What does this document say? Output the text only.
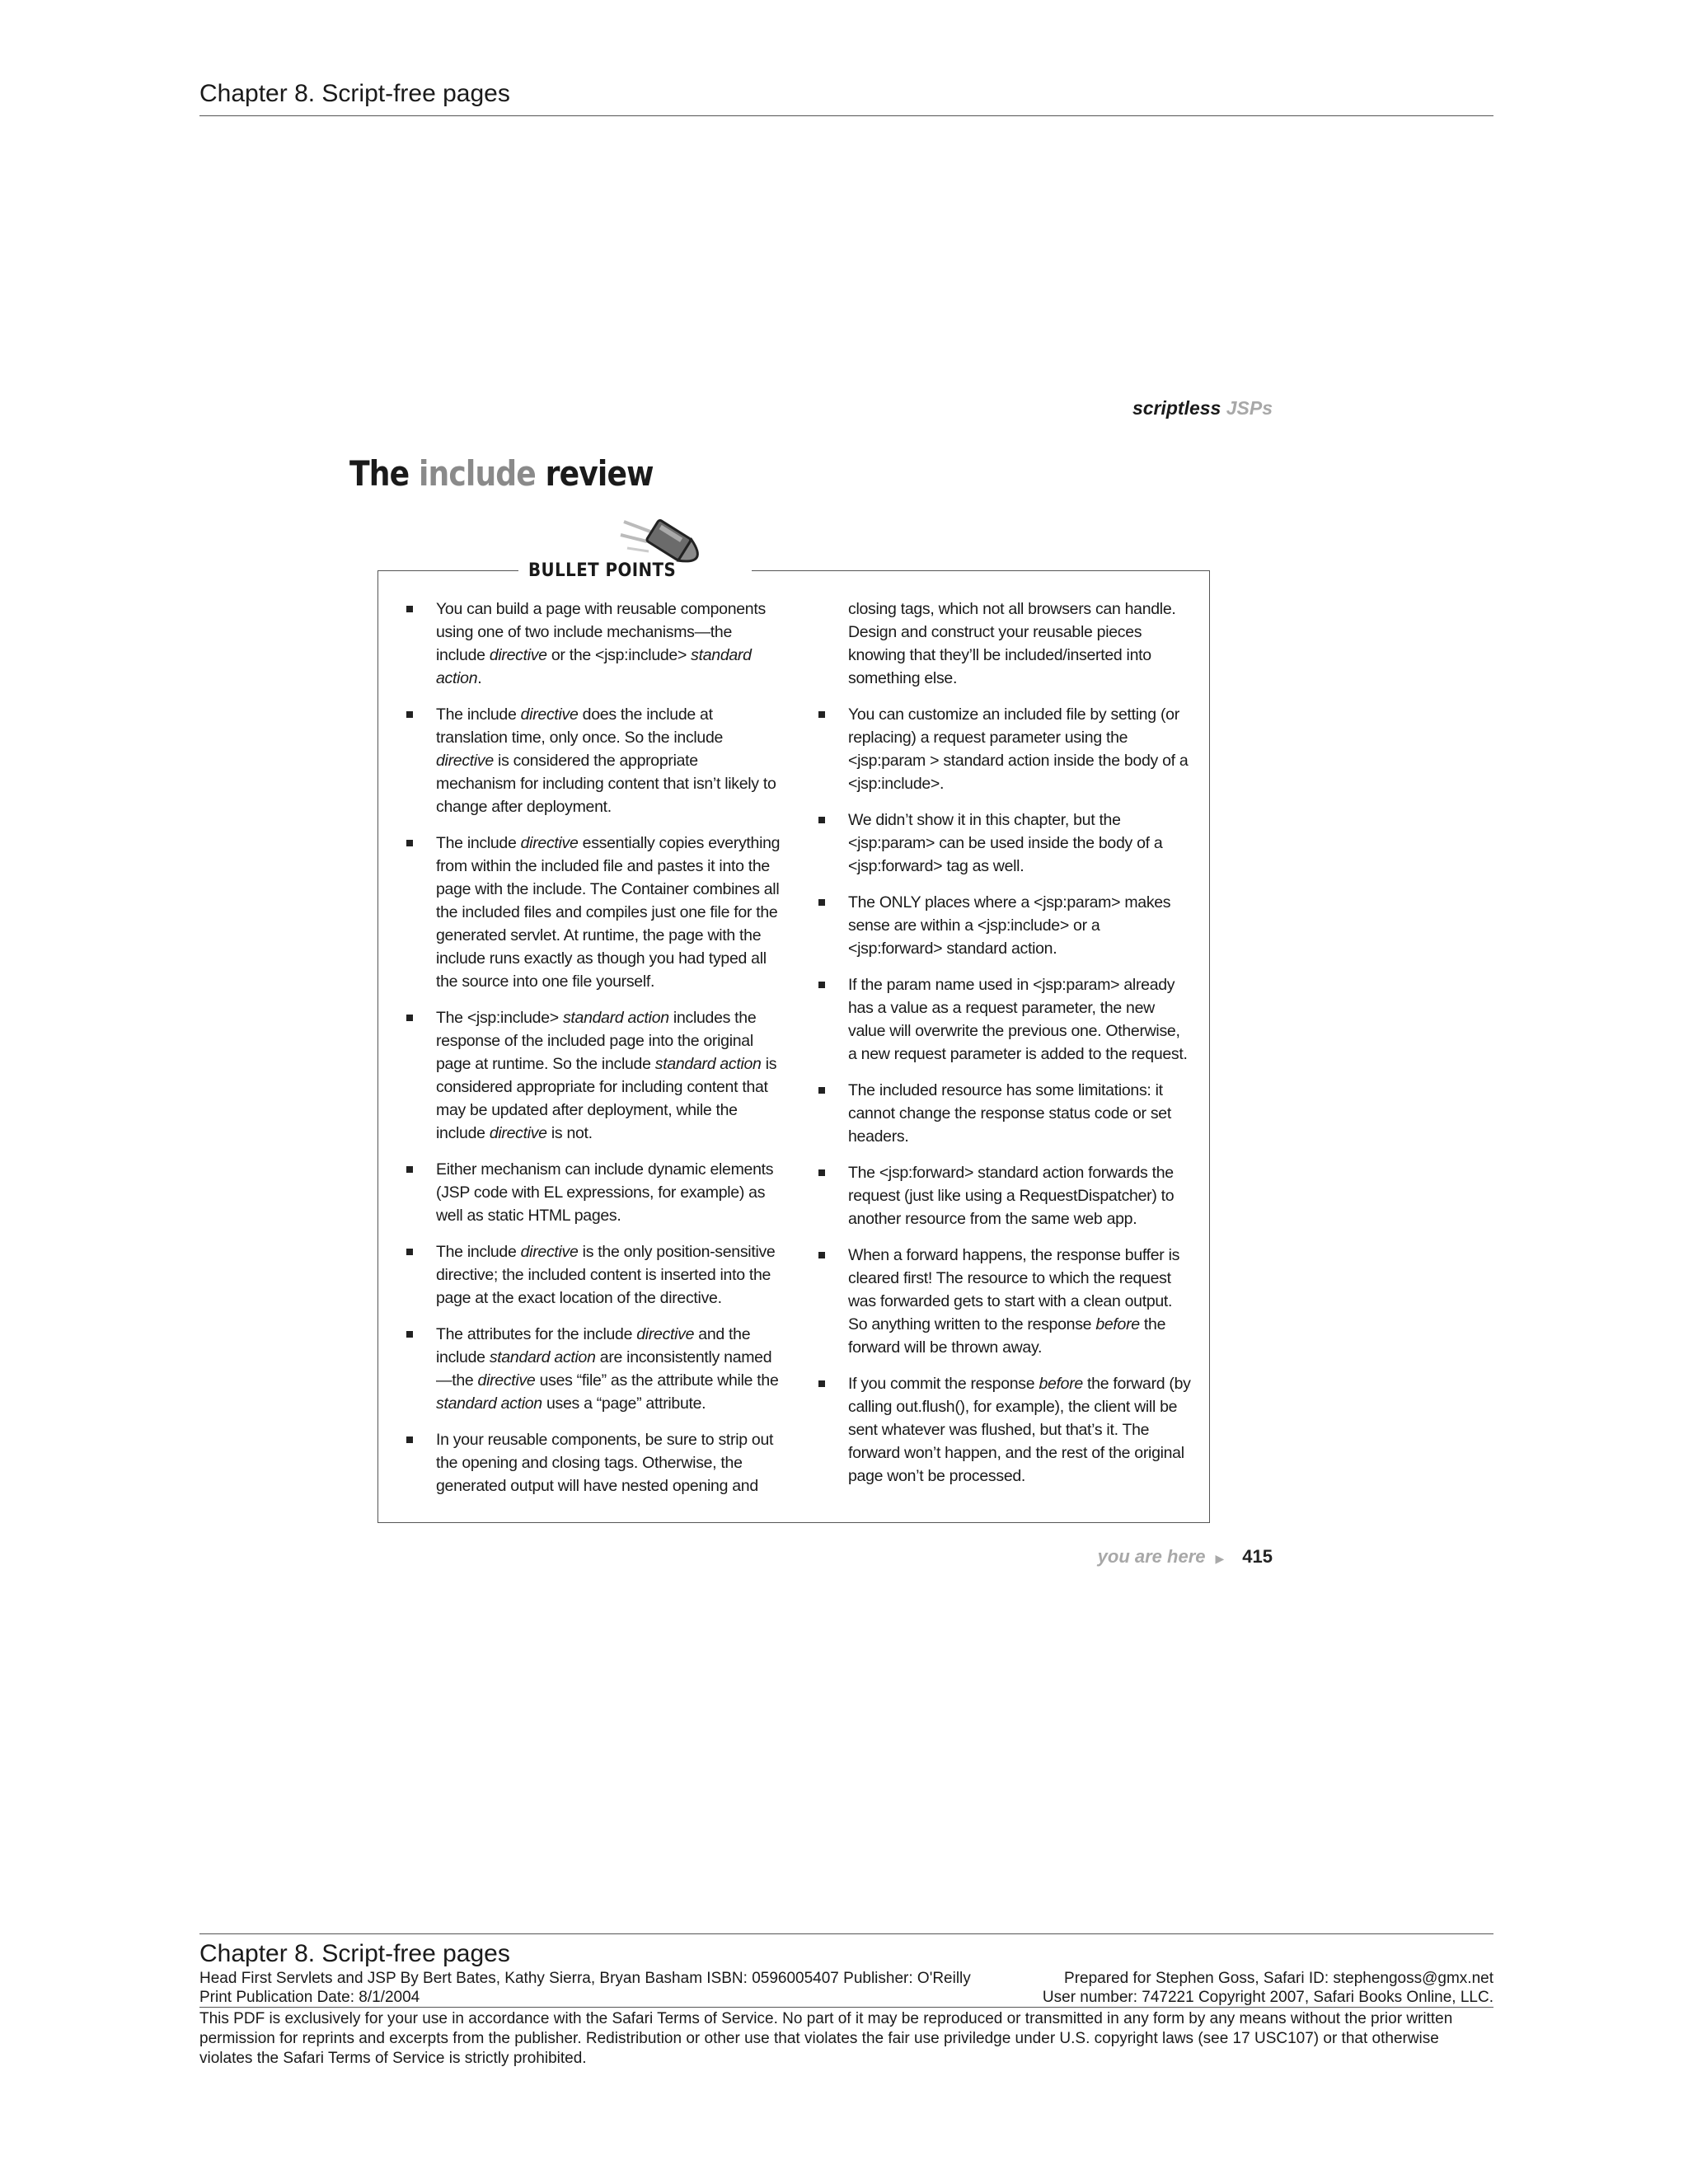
Chapter 8. Script-free pages
scriptless JSPs
The include review
BULLET POINTS
You can build a page with reusable components using one of two include mechanisms—the include directive or the <jsp:include> standard action.
The include directive does the include at translation time, only once. So the include directive is considered the appropriate mechanism for including content that isn’t likely to change after deployment.
The include directive essentially copies everything from within the included file and pastes it into the page with the include. The Container combines all the included files and compiles just one file for the generated servlet. At runtime, the page with the include runs exactly as though you had typed all the source into one file yourself.
The <jsp:include> standard action includes the response of the included page into the original page at runtime. So the include standard action is considered appropriate for including content that may be updated after deployment, while the include directive is not.
Either mechanism can include dynamic elements (JSP code with EL expressions, for example) as well as static HTML pages.
The include directive is the only position-sensitive directive; the included content is inserted into the page at the exact location of the directive.
The attributes for the include directive and the include standard action are inconsistently named—the directive uses “file” as the attribute while the standard action uses a “page” attribute.
In your reusable components, be sure to strip out the opening and closing tags. Otherwise, the generated output will have nested opening and
closing tags, which not all browsers can handle. Design and construct your reusable pieces knowing that they’ll be included/inserted into something else.
You can customize an included file by setting (or replacing) a request parameter using the <jsp:param > standard action inside the body of a <jsp:include>.
We didn’t show it in this chapter, but the <jsp:param> can be used inside the body of a <jsp:forward> tag as well.
The ONLY places where a <jsp:param> makes sense are within a <jsp:include> or a <jsp:forward> standard action.
If the param name used in <jsp:param> already has a value as a request parameter, the new value will overwrite the previous one. Otherwise, a new request parameter is added to the request.
The included resource has some limitations: it cannot change the response status code or set headers.
The <jsp:forward> standard action forwards the request (just like using a RequestDispatcher) to another resource from the same web app.
When a forward happens, the response buffer is cleared first! The resource to which the request was forwarded gets to start with a clean output. So anything written to the response before the forward will be thrown away.
If you commit the response before the forward (by calling out.flush(), for example), the client will be sent whatever was flushed, but that’s it. The forward won’t happen, and the rest of the original page won’t be processed.
you are here ▶ 415
Chapter 8. Script-free pages
Head First Servlets and JSP By Bert Bates, Kathy Sierra, Bryan Basham ISBN: 0596005407 Publisher: O'Reilly	Prepared for Stephen Goss, Safari ID: stephengoss@gmx.net
Print Publication Date: 8/1/2004	User number: 747221 Copyright 2007, Safari Books Online, LLC.
This PDF is exclusively for your use in accordance with the Safari Terms of Service. No part of it may be reproduced or transmitted in any form by any means without the prior written permission for reprints and excerpts from the publisher. Redistribution or other use that violates the fair use priviledge under U.S. copyright laws (see 17 USC107) or that otherwise violates the Safari Terms of Service is strictly prohibited.
